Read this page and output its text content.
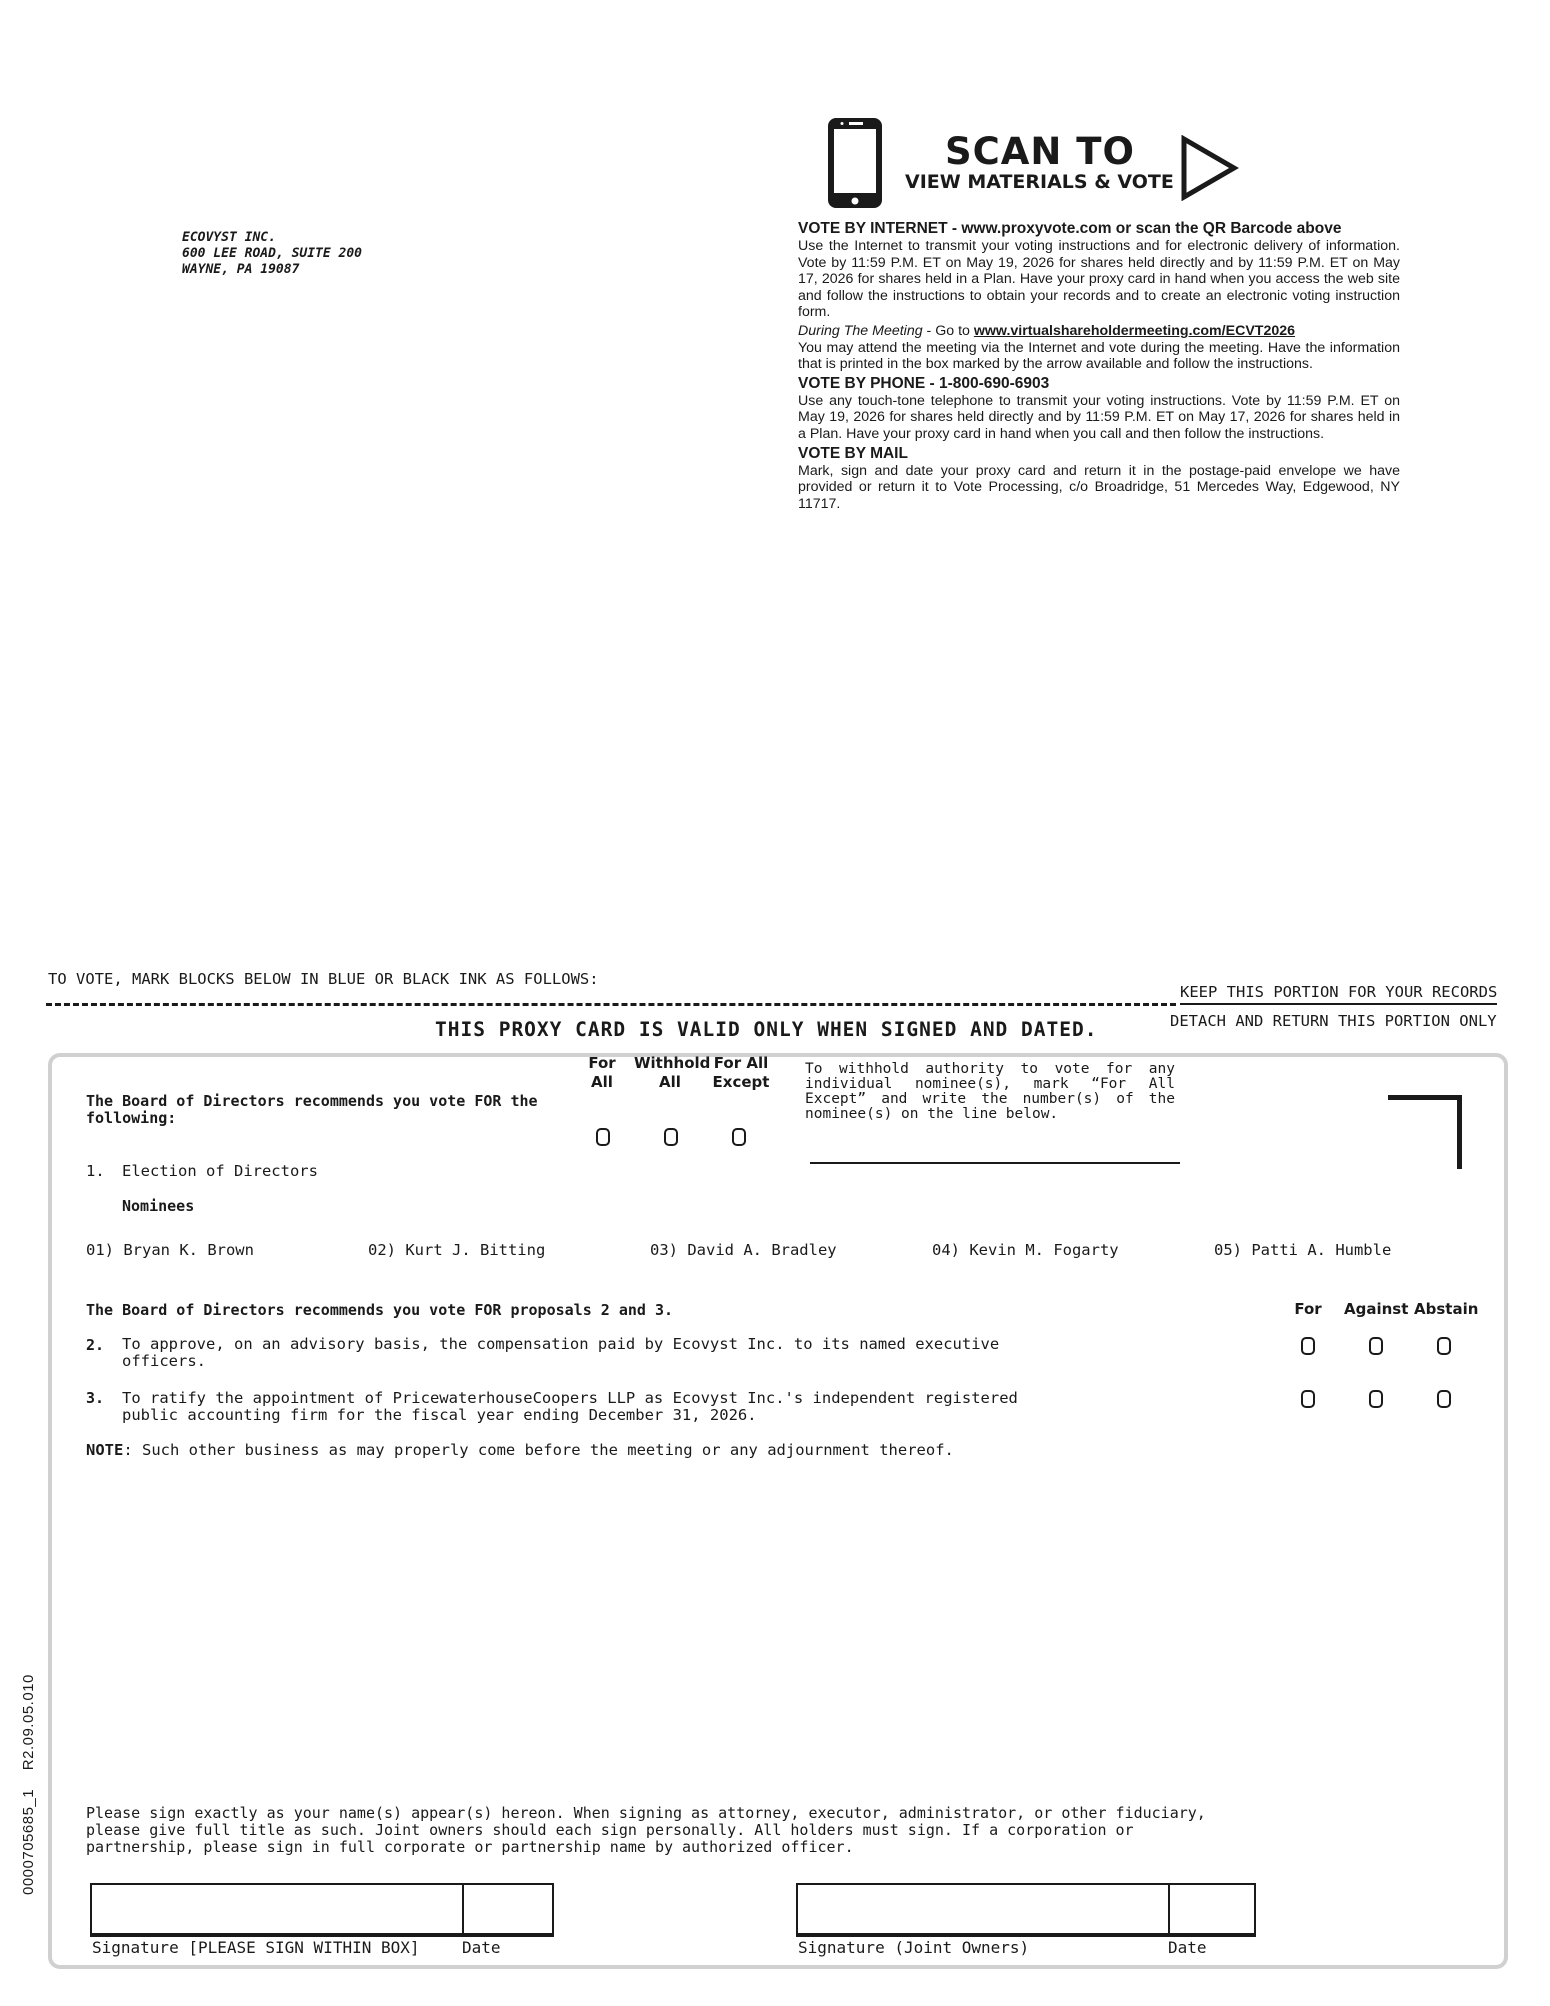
ECOVYST INC.
600 LEE ROAD, SUITE 200
WAYNE, PA 19087
SCAN TO
VIEW MATERIALS & VOTE
VOTE BY INTERNET - www.proxyvote.com or scan the QR Barcode above

Use the Internet to transmit your voting instructions and for electronic delivery of information. Vote by 11:59 P.M. ET on May 19, 2026 for shares held directly and by 11:59 P.M. ET on May 17, 2026 for shares held in a Plan. Have your proxy card in hand when you access the web site and follow the instructions to obtain your records and to create an electronic voting instruction form.

During The Meeting - Go to www.virtualshareholdermeeting.com/ECVT2026

You may attend the meeting via the Internet and vote during the meeting. Have the information that is printed in the box marked by the arrow available and follow the instructions.

VOTE BY PHONE - 1-800-690-6903

Use any touch-tone telephone to transmit your voting instructions. Vote by 11:59 P.M. ET on May 19, 2026 for shares held directly and by 11:59 P.M. ET on May 17, 2026 for shares held in a Plan. Have your proxy card in hand when you call and then follow the instructions.

VOTE BY MAIL

Mark, sign and date your proxy card and return it in the postage-paid envelope we have provided or return it to Vote Processing, c/o Broadridge, 51 Mercedes Way, Edgewood, NY 11717.

TO VOTE, MARK BLOCKS BELOW IN BLUE OR BLACK INK AS FOLLOWS:
KEEP THIS PORTION FOR YOUR RECORDS
DETACH AND RETURN THIS PORTION ONLY
THIS PROXY CARD IS VALID ONLY WHEN SIGNED AND DATED.
The Board of Directors recommends you vote FOR the following:
For All
Withhold All
For All Except
To withhold authority to vote for any individual nominee(s), mark “For All Except” and write the number(s) of the nominee(s) on the line below.
1. Election of Directors
Nominees
01) Bryan K. Brown	02) Kurt J. Bitting	03) David A. Bradley	04) Kevin M. Fogarty	05) Patti A. Humble
The Board of Directors recommends you vote FOR proposals 2 and 3.	For	Against Abstain
2. To approve, on an advisory basis, the compensation paid by Ecovyst Inc. to its named executive officers.
3. To ratify the appointment of PricewaterhouseCoopers LLP as Ecovyst Inc.'s independent registered public accounting firm for the fiscal year ending December 31, 2026.
NOTE: Such other business as may properly come before the meeting or any adjournment thereof.
0000705685_1    R2.09.05.010	Please sign exactly as your name(s) appear(s) hereon. When signing as attorney, executor, administrator, or other fiduciary, please give full title as such. Joint owners should each sign personally. All holders must sign. If a corporation or partnership, please sign in full corporate or partnership name by authorized officer.
Signature [PLEASE SIGN WITHIN BOX]	Date	Signature (Joint Owners)	Date
